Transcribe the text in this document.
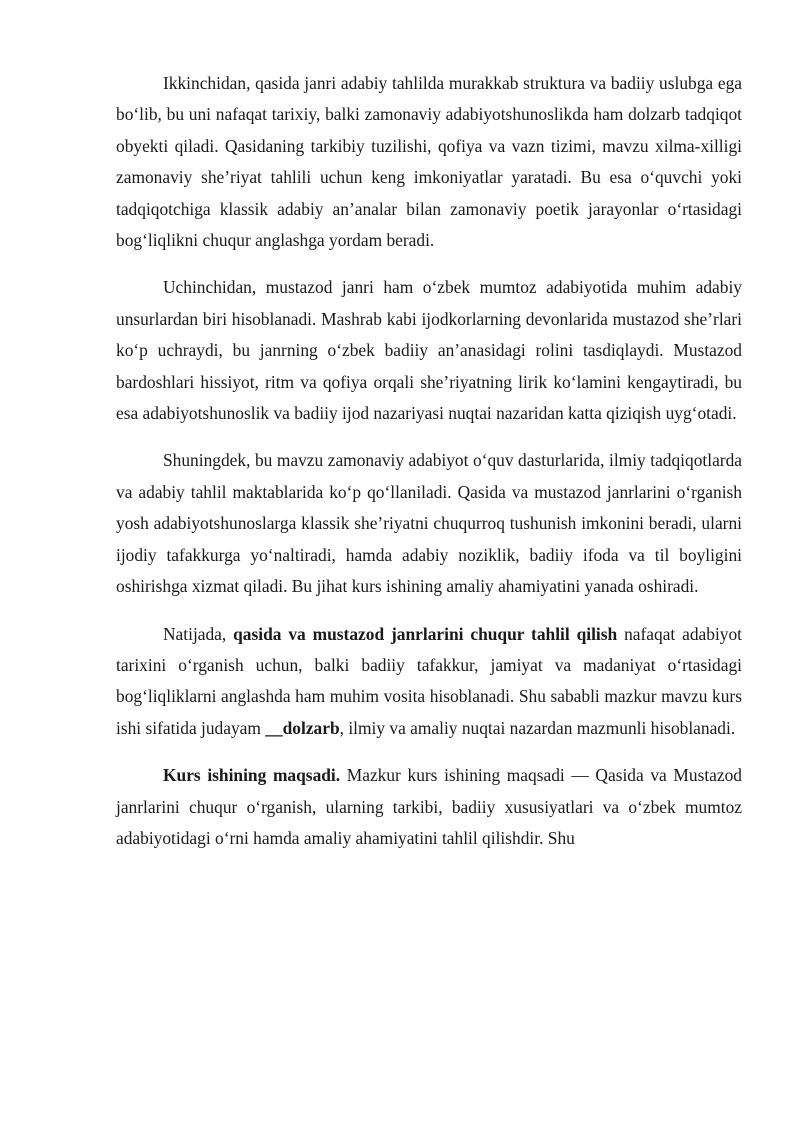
Ikkinchidan, qasida janri adabiy tahlilda murakkab struktura va badiiy uslubga ega bo‘lib, bu uni nafaqat tarixiy, balki zamonaviy adabiyotshunoslikda ham dolzarb tadqiqot obyekti qiladi. Qasidaning tarkibiy tuzilishi, qofiya va vazn tizimi, mavzu xilma-xilligi zamonaviy she’riyat tahlili uchun keng imkoniyatlar yaratadi. Bu esa o‘quvchi yoki tadqiqotchiga klassik adabiy an’analar bilan zamonaviy poetik jarayonlar o‘rtasidagi bog‘liqlikni chuqur anglashga yordam beradi.

Uchinchidan, mustazod janri ham o‘zbek mumtoz adabiyotida muhim adabiy unsurlardan biri hisoblanadi. Mashrab kabi ijodkorlarning devonlarida mustazod she’rlari ko‘p uchraydi, bu janrning o‘zbek badiiy an’anasidagi rolini tasdiqlaydi. Mustazod bardoshlari hissiyot, ritm va qofiya orqali she’riyatning lirik ko‘lamini kengaytiradi, bu esa adabiyotshunoslik va badiiy ijod nazariyasi nuqtai nazaridan katta qiziqish uyg‘otadi.

Shuningdek, bu mavzu zamonaviy adabiyot o‘quv dasturlarida, ilmiy tadqiqotlarda va adabiy tahlil maktablarida ko‘p qo‘llaniladi. Qasida va mustazod janrlarini o‘rganish yosh adabiyotshunoslarga klassik she’riyatni chuqurroq tushunish imkonini beradi, ularni ijodiy tafakkurga yo‘naltiradi, hamda adabiy noziklik, badiiy ifoda va til boyligini oshirishga xizmat qiladi. Bu jihat kurs ishining amaliy ahamiyatini yanada oshiradi.

Natijada, qasida va mustazod janrlarini chuqur tahlil qilish nafaqat adabiyot tarixini o‘rganish uchun, balki badiiy tafakkur, jamiyat va madaniyat o‘rtasidagi bog‘liqliklarni anglashda ham muhim vosita hisoblanadi. Shu sababli mazkur mavzu kurs ishi sifatida judayam __dolzarb, ilmiy va amaliy nuqtai nazardan mazmunli hisoblanadi.

Kurs ishining maqsadi. Mazkur kurs ishining maqsadi — Qasida va Mustazod janrlarini chuqur o‘rganish, ularning tarkibi, badiiy xususiyatlari va o‘zbek mumtoz adabiyotidagi o‘rni hamda amaliy ahamiyatini tahlil qilishdir. Shu
